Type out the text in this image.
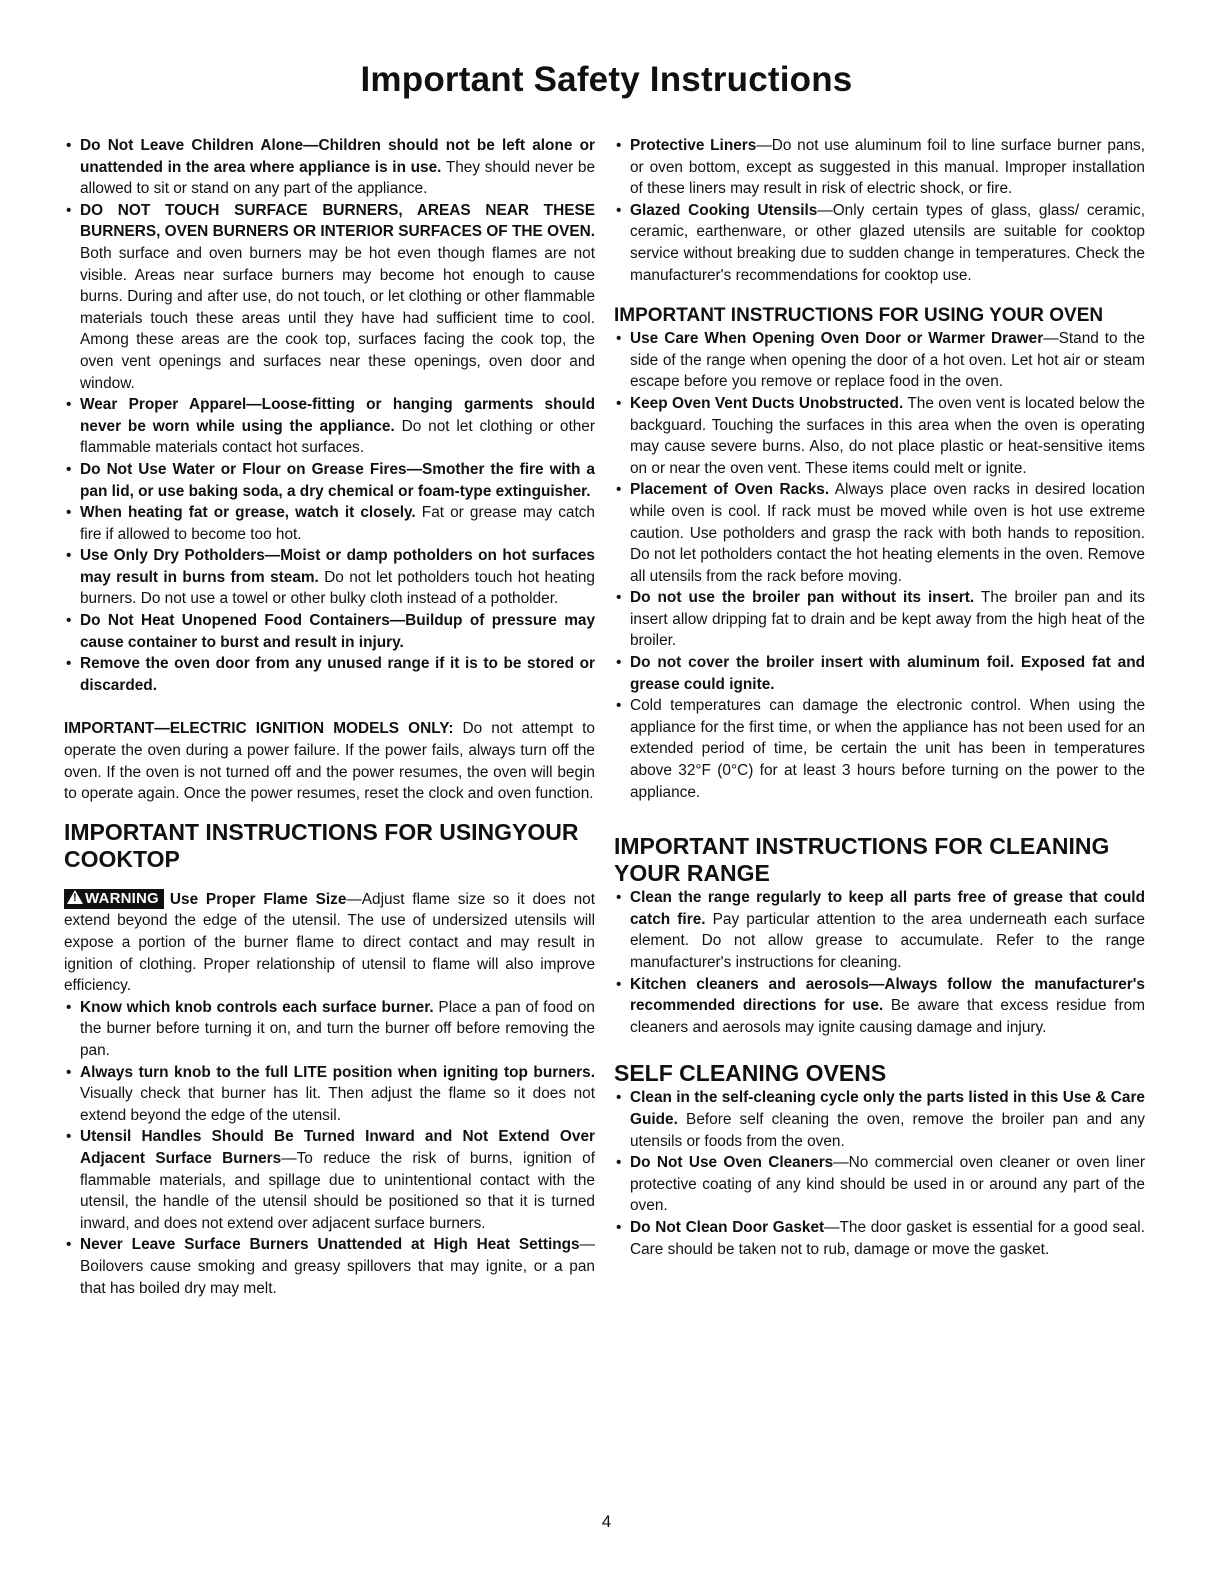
Important Safety Instructions
• Do Not Leave Children Alone—Children should not be left alone or unattended in the area where appliance is in use. They should never be allowed to sit or stand on any part of the appliance.
• DO NOT TOUCH SURFACE BURNERS, AREAS NEAR THESE BURNERS, OVEN BURNERS OR INTERIOR SURFACES OF THE OVEN. Both surface and oven burners may be hot even though flames are not visible. Areas near surface burners may become hot enough to cause burns. During and after use, do not touch, or let clothing or other flammable materials touch these areas until they have had sufficient time to cool. Among these areas are the cook top, surfaces facing the cook top, the oven vent openings and surfaces near these openings, oven door and window.
• Wear Proper Apparel—Loose-fitting or hanging garments should never be worn while using the appliance. Do not let clothing or other flammable materials contact hot surfaces.
• Do Not Use Water or Flour on Grease Fires—Smother the fire with a pan lid, or use baking soda, a dry chemical or foam-type extinguisher.
• When heating fat or grease, watch it closely. Fat or grease may catch fire if allowed to become too hot.
• Use Only Dry Potholders—Moist or damp potholders on hot surfaces may result in burns from steam. Do not let potholders touch hot heating burners. Do not use a towel or other bulky cloth instead of a potholder.
• Do Not Heat Unopened Food Containers—Buildup of pressure may cause container to burst and result in injury.
• Remove the oven door from any unused range if it is to be stored or discarded.

IMPORTANT—ELECTRIC IGNITION MODELS ONLY: Do not attempt to operate the oven during a power failure. If the power fails, always turn off the oven. If the oven is not turned off and the power resumes, the oven will begin to operate again. Once the power resumes, reset the clock and oven function.

IMPORTANT INSTRUCTIONS FOR USINGYOUR COOKTOP

! WARNING Use Proper Flame Size—Adjust flame size so it does not extend beyond the edge of the utensil. The use of undersized utensils will expose a portion of the burner flame to direct contact and may result in ignition of clothing. Proper relationship of utensil to flame will also improve efficiency.

• Know which knob controls each surface burner. Place a pan of food on the burner before turning it on, and turn the burner off before removing the pan.
• Always turn knob to the full LITE position when igniting top burners. Visually check that burner has lit. Then adjust the flame so it does not extend beyond the edge of the utensil.
• Utensil Handles Should Be Turned Inward and Not Extend Over Adjacent Surface Burners—To reduce the risk of burns, ignition of flammable materials, and spillage due to unintentional contact with the utensil, the handle of the utensil should be positioned so that it is turned inward, and does not extend over adjacent surface burners.
• Never Leave Surface Burners Unattended at High Heat Settings—Boilovers cause smoking and greasy spillovers that may ignite, or a pan that has boiled dry may melt.
• Protective Liners—Do not use aluminum foil to line surface burner pans, or oven bottom, except as suggested in this manual. Improper installation of these liners may result in risk of electric shock, or fire.
• Glazed Cooking Utensils—Only certain types of glass, glass/ ceramic, ceramic, earthenware, or other glazed utensils are suitable for cooktop service without breaking due to sudden change in temperatures. Check the manufacturer's recommendations for cooktop use.
IMPORTANT INSTRUCTIONS FOR USING YOUR OVEN
• Use Care When Opening Oven Door or Warmer Drawer—Stand to the side of the range when opening the door of a hot oven. Let hot air or steam escape before you remove or replace food in the oven.
• Keep Oven Vent Ducts Unobstructed. The oven vent is located below the backguard. Touching the surfaces in this area when the oven is operating may cause severe burns. Also, do not place plastic or heat-sensitive items on or near the oven vent. These items could melt or ignite.
• Placement of Oven Racks. Always place oven racks in desired location while oven is cool. If rack must be moved while oven is hot use extreme caution. Use potholders and grasp the rack with both hands to reposition. Do not let potholders contact the hot heating elements in the oven. Remove all utensils from the rack before moving.
• Do not use the broiler pan without its insert. The broiler pan and its insert allow dripping fat to drain and be kept away from the high heat of the broiler.
• Do not cover the broiler insert with aluminum foil. Exposed fat and grease could ignite.
• Cold temperatures can damage the electronic control. When using the appliance for the first time, or when the appliance has not been used for an extended period of time, be certain the unit has been in temperatures above 32°F (0°C) for at least 3 hours before turning on the power to the appliance.
IMPORTANT INSTRUCTIONS FOR CLEANING YOUR RANGE
• Clean the range regularly to keep all parts free of grease that could catch fire. Pay particular attention to the area underneath each surface element. Do not allow grease to accumulate. Refer to the range manufacturer's instructions for cleaning.
• Kitchen cleaners and aerosols—Always follow the manufacturer's recommended directions for use. Be aware that excess residue from cleaners and aerosols may ignite causing damage and injury.
SELF CLEANING OVENS
• Clean in the self-cleaning cycle only the parts listed in this Use & Care Guide. Before self cleaning the oven, remove the broiler pan and any utensils or foods from the oven.
• Do Not Use Oven Cleaners—No commercial oven cleaner or oven liner protective coating of any kind should be used in or around any part of the oven.
• Do Not Clean Door Gasket—The door gasket is essential for a good seal. Care should be taken not to rub, damage or move the gasket.
4
